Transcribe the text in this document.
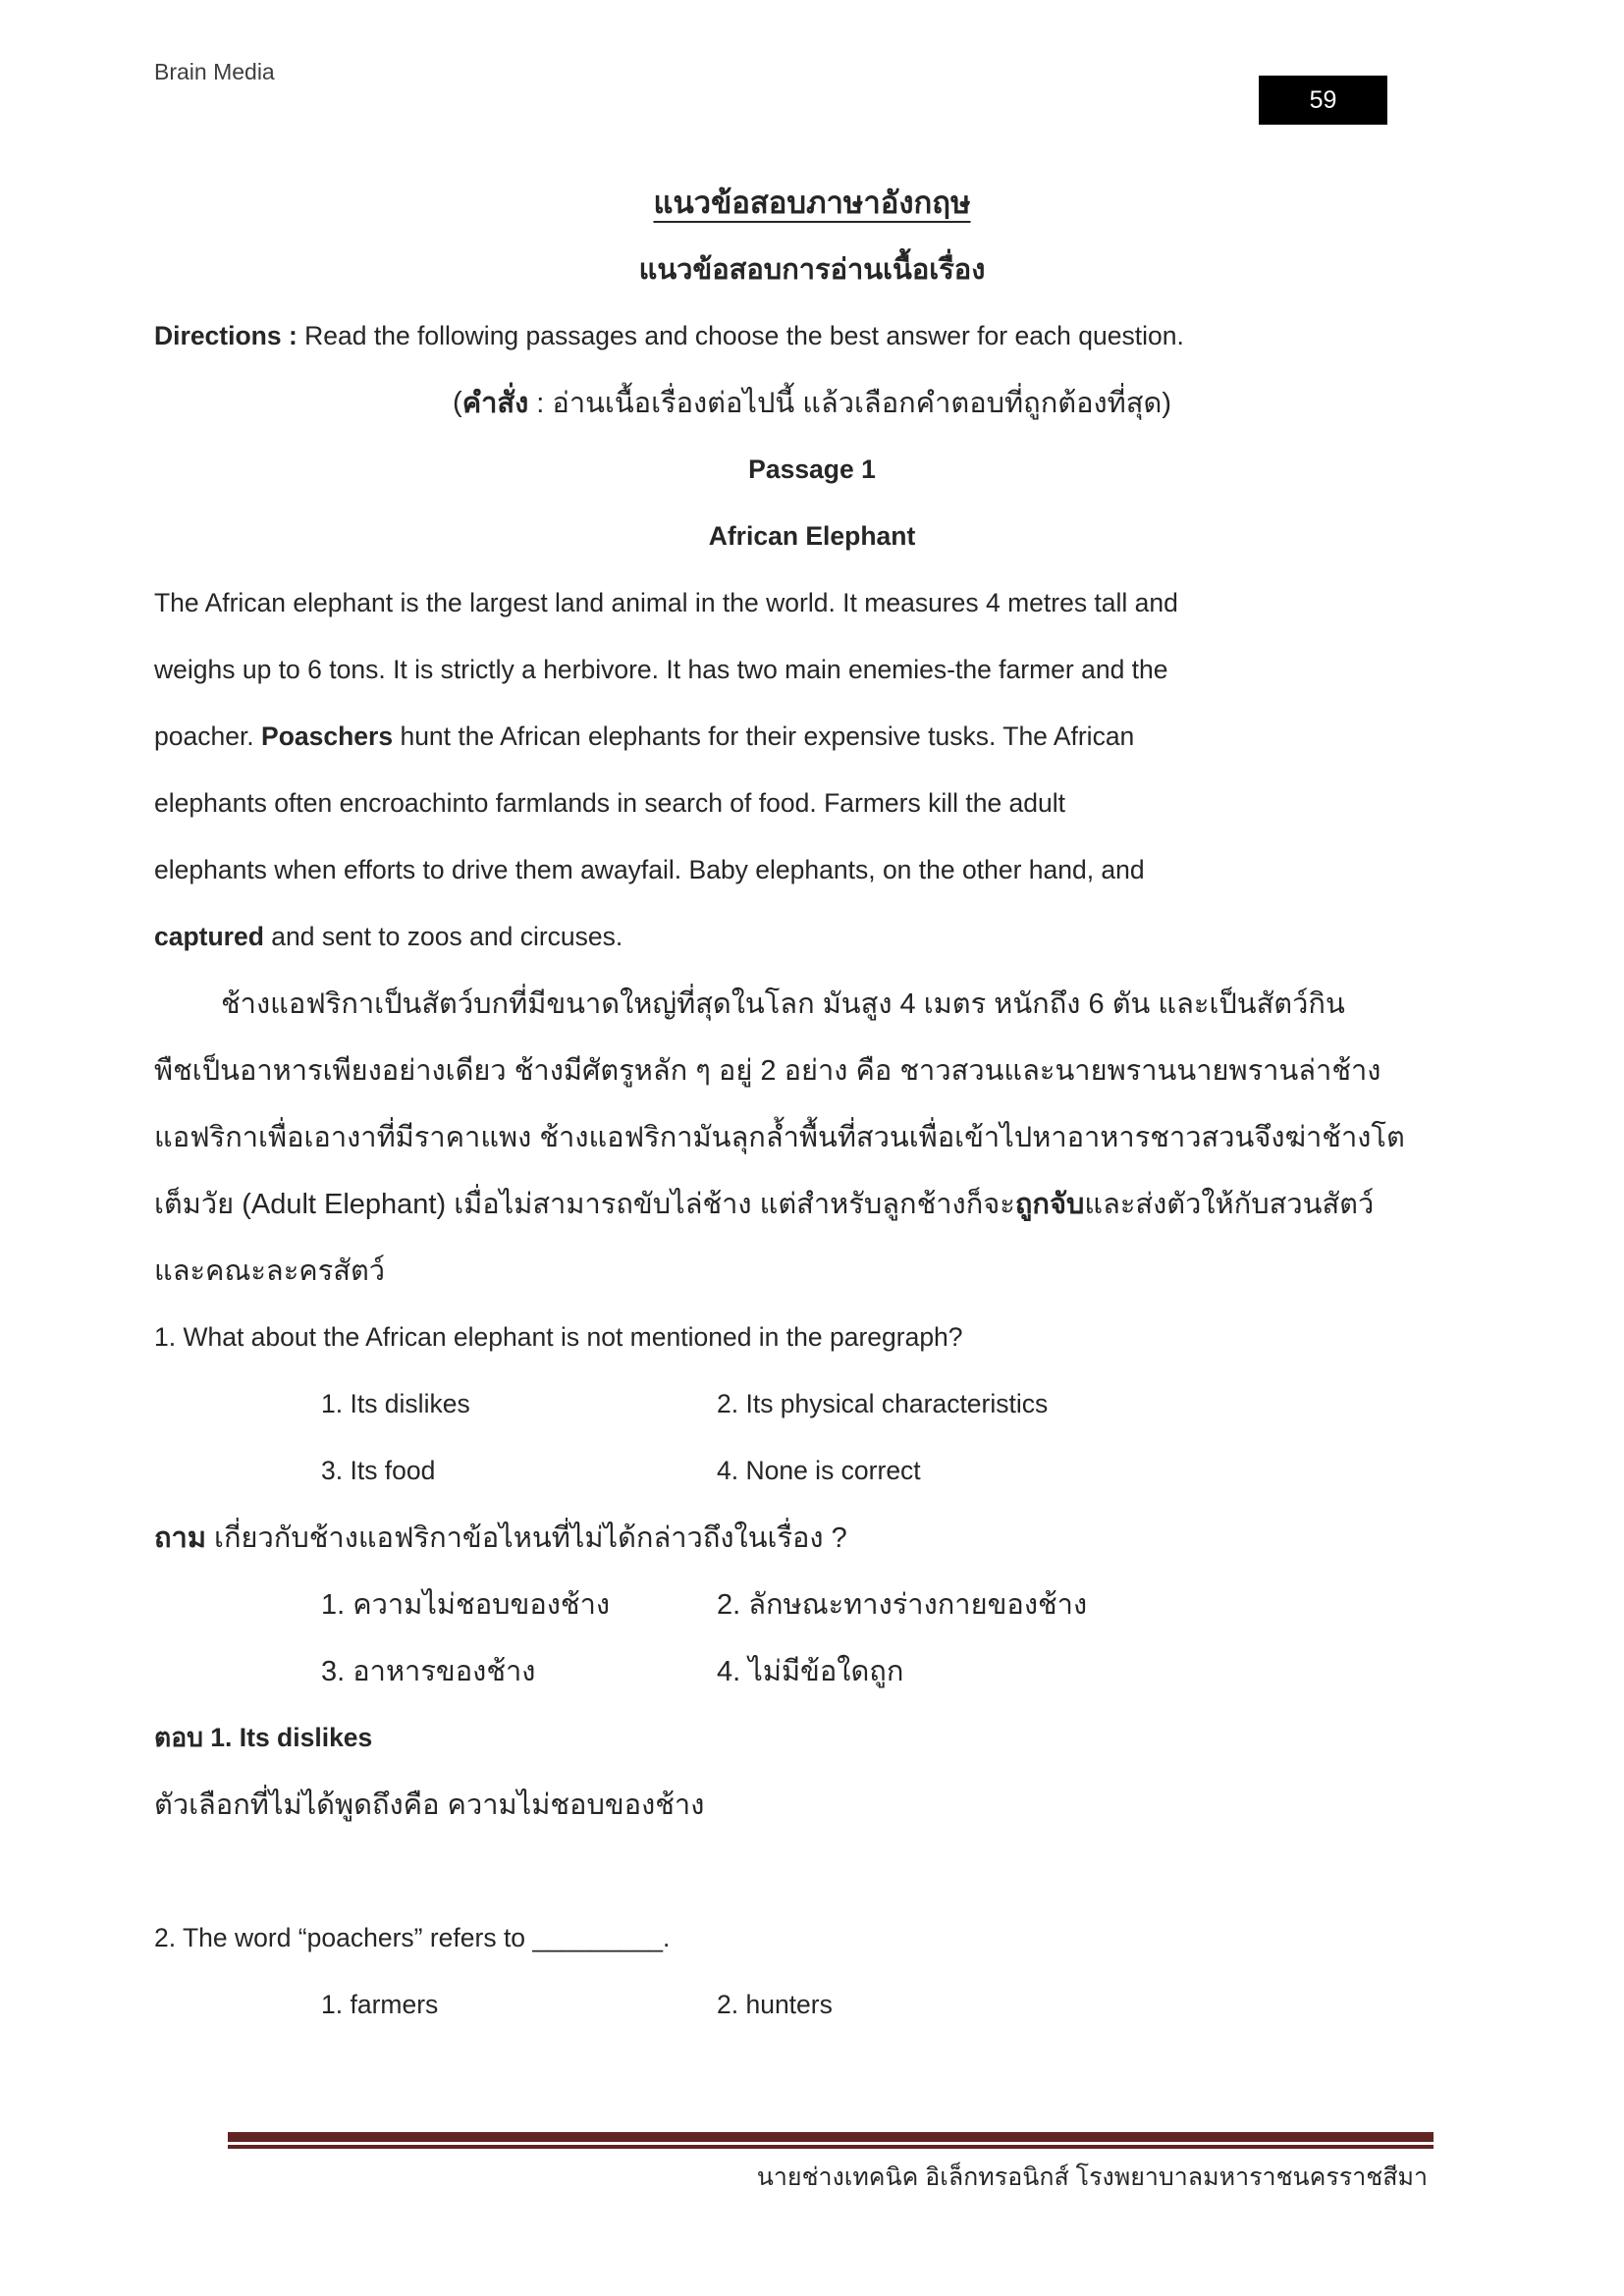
Brain Media
59
แนวข้อสอบภาษาอังกฤษ
แนวข้อสอบการอ่านเนื้อเรื่อง
Directions : Read the following passages and choose the best answer for each question.
( คำสั่ง : อ่านเนื้อเรื่องต่อไปนี้ แล้วเลือกคำตอบที่ถูกต้องที่สุด)
Passage 1
African Elephant
The African elephant is the largest land animal in the world. It measures 4 metres tall and
weighs up to 6 tons. It is strictly a herbivore. It has two main enemies-the farmer and the
poacher. Poaschers hunt the African elephants for their expensive tusks. The African
elephants often encroachinto farmlands in search of food. Farmers kill the adult
elephants when efforts to drive them awayfail. Baby elephants, on the other hand, and
captured and sent to zoos and circuses.
ช้างแอฟริกาเป็นสัตว์บกที่มีขนาดใหญ่ที่สุดในโลก มันสูง 4 เมตร หนักถึง 6 ตัน และเป็นสัตว์กิน
พืชเป็นอาหารเพียงอย่างเดียว ช้างมีศัตรูหลัก ๆ อยู่ 2 อย่าง คือ ชาวสวนและนายพรานนายพรานล่าช้าง
แอฟริกาเพื่อเอางาที่มีราคาแพง ช้างแอฟริกามันลุกล้ำพื้นที่สวนเพื่อเข้าไปหาอาหารชาวสวนจึงฆ่าช้างโต
เต็มวัย (Adult Elephant) เมื่อไม่สามารถขับไล่ช้าง แต่สำหรับลูกช้างก็จะ ถูกจับ และส่งตัวให้กับสวนสัตว์
และคณะละครสัตว์
1. What about the African elephant is not mentioned in the paregraph?
1. Its dislikes	2. Its physical characteristics
3. Its food	4. None is correct
ถาม เกี่ยวกับช้างแอฟริกาข้อไหนที่ไม่ได้กล่าวถึงในเรื่อง ?
1. ความไม่ชอบของช้าง	2. ลักษณะทางร่างกายของช้าง
3. อาหารของช้าง	4. ไม่มีข้อใดถูก
ตอบ 1. Its dislikes
ตัวเลือกที่ไม่ได้พูดถึงคือ ความไม่ชอบของช้าง
2. The word “poachers” refers to _________.
1. farmers	2. hunters
นายช่างเทคนิค อิเล็กทรอนิกส์ โรงพยาบาลมหาราชนครราชสีมา
